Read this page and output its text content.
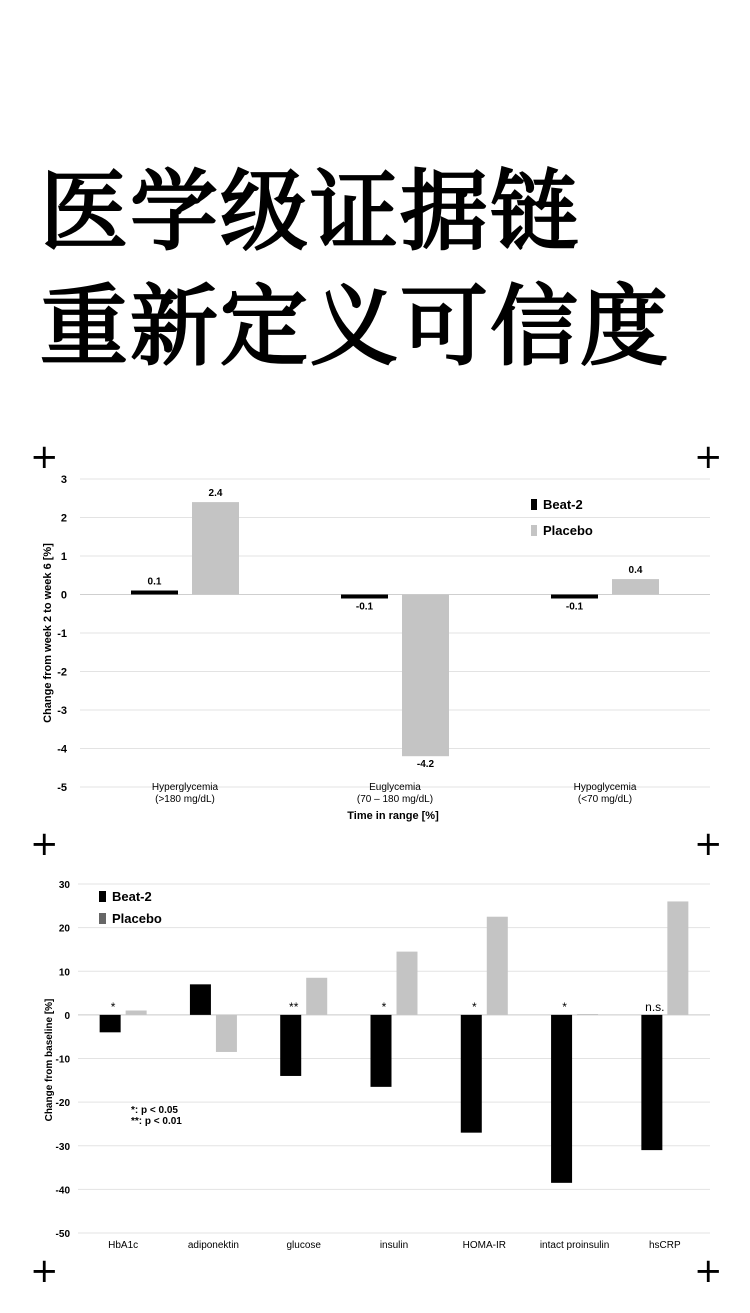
医学级证据链
重新定义可信度
+	+
+	+
+	+
3
2
1
0
-1
-2
-3
-4
-5
0.1
2.4
Hyperglycemia
(>180 mg/dL)
-0.1
-4.2
Euglycemia
(70 – 180 mg/dL)
-0.1
0.4
Hypoglycemia
(<70 mg/dL)
Time in range [%]
Change from week 2 to week 6 [%]
Beat-2
Placebo
30
20
10
0
-10
-20
-30
-40
-50
*
HbA1c
**
adiponektin
**
glucose
*
insulin
*
HOMA-IR
*
intact proinsulin
n.s.
hsCRP
Change from baseline [%]
Beat-2
Placebo
*: p < 0.05
**: p < 0.01
